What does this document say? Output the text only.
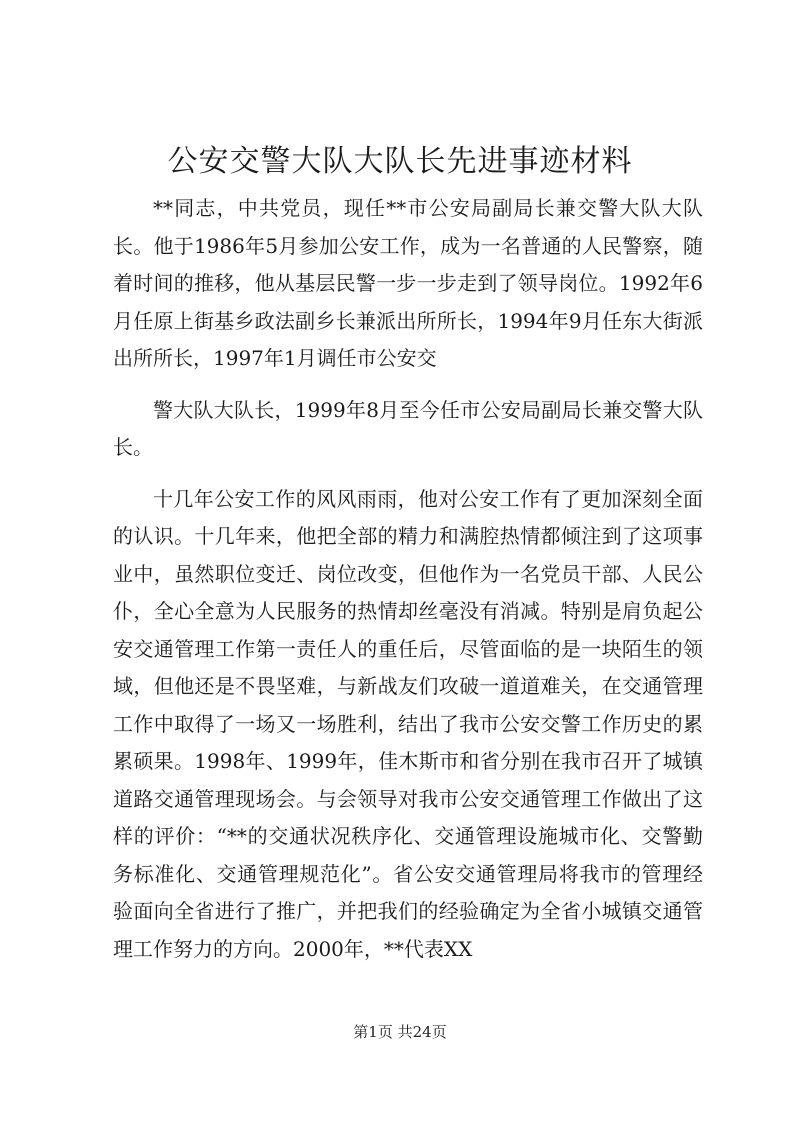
公安交警大队大队长先进事迹材料

**同志，中共党员，现任**市公安局副局长兼交警大队大队长。他于1986年5月参加公安工作，成为一名普通的人民警察，随着时间的推移，他从基层民警一步一步走到了领导岗位。1992年6月任原上街基乡政法副乡长兼派出所所长，1994年9月任东大街派出所所长，1997年1月调任市公安交

警大队大队长，1999年8月至今任市公安局副局长兼交警大队长。

十几年公安工作的风风雨雨，他对公安工作有了更加深刻全面的认识。十几年来，他把全部的精力和满腔热情都倾注到了这项事业中，虽然职位变迁、岗位改变，但他作为一名党员干部、人民公仆，全心全意为人民服务的热情却丝毫没有消减。特别是肩负起公安交通管理工作第一责任人的重任后，尽管面临的是一块陌生的领域，但他还是不畏坚难，与新战友们攻破一道道难关，在交通管理工作中取得了一场又一场胜利，结出了我市公安交警工作历史的累累硕果。1998年、1999年，佳木斯市和省分别在我市召开了城镇道路交通管理现场会。与会领导对我市公安交通管理工作做出了这样的评价：“**的交通状况秩序化、交通管理设施城市化、交警勤务标准化、交通管理规范化”。省公安交通管理局将我市的管理经验面向全省进行了推广，并把我们的经验确定为全省小城镇交通管理工作努力的方向。2000年，**代表XX

第1页 共24页
